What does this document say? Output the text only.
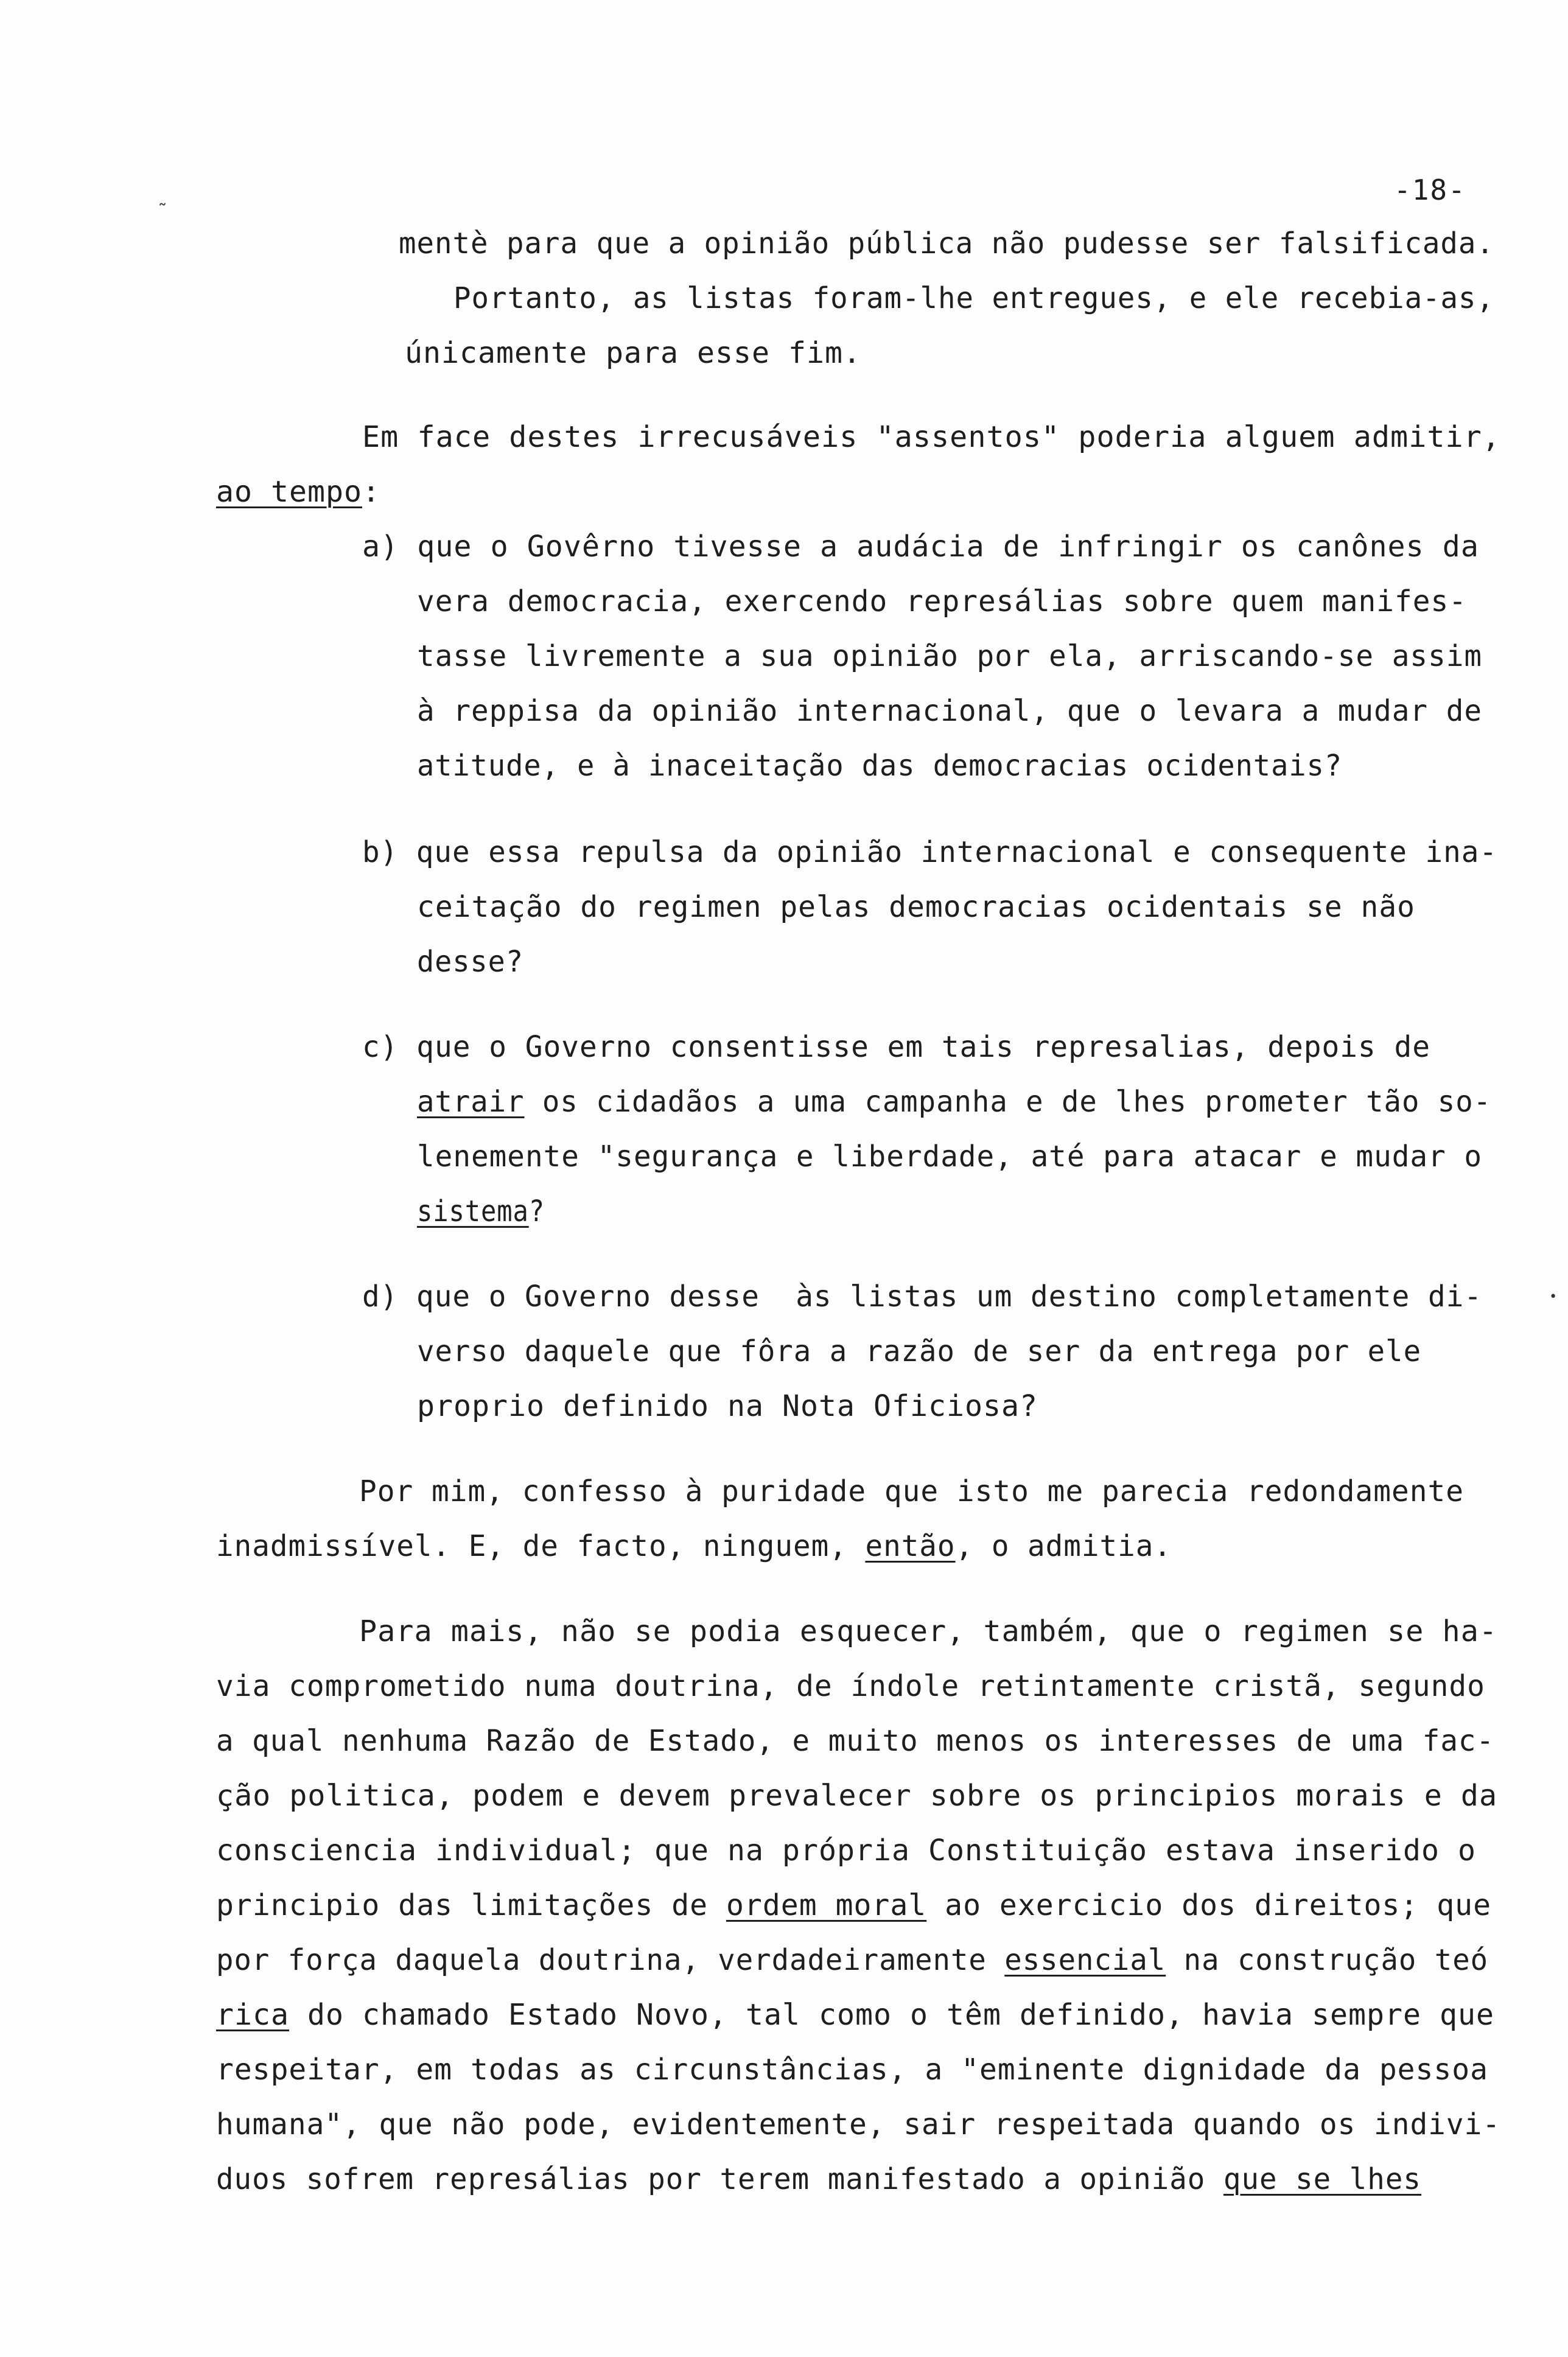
-18-
˜
•
mentè para que a opinião pública não pudesse ser falsificada.
Portanto, as listas foram-lhe entregues, e ele recebia-as,
únicamente para esse fim.
Em face destes irrecusáveis "assentos" poderia alguem admitir,
ao tempo:
a) que o Govêrno tivesse a audácia de infringir os canônes da
vera democracia, exercendo represálias sobre quem manifes-
tasse livremente a sua opinião por ela, arriscando-se assim
à reppisa da opinião internacional, que o levara a mudar de
atitude, e à inaceitação das democracias ocidentais?
b) que essa repulsa da opinião internacional e consequente ina-
ceitação do regimen pelas democracias ocidentais se não
desse?
c) que o Governo consentisse em tais represalias, depois de
atrair os cidadãos a uma campanha e de lhes prometer tão so-
lenemente "segurança e liberdade, até para atacar e mudar o
sistema?
d) que o Governo desse  às listas um destino completamente di-
verso daquele que fôra a razão de ser da entrega por ele
proprio definido na Nota Oficiosa?
Por mim, confesso à puridade que isto me parecia redondamente
inadmissível. E, de facto, ninguem, então, o admitia.
Para mais, não se podia esquecer, também, que o regimen se ha-
via comprometido numa doutrina, de índole retintamente cristã, segundo
a qual nenhuma Razão de Estado, e muito menos os interesses de uma fac-
ção politica, podem e devem prevalecer sobre os principios morais e da
consciencia individual; que na própria Constituição estava inserido o
principio das limitações de ordem moral ao exercicio dos direitos; que
por força daquela doutrina, verdadeiramente essencial na construção teó
rica do chamado Estado Novo, tal como o têm definido, havia sempre que
respeitar, em todas as circunstâncias, a "eminente dignidade da pessoa
humana", que não pode, evidentemente, sair respeitada quando os indivi-
duos sofrem represálias por terem manifestado a opinião que se lhes
